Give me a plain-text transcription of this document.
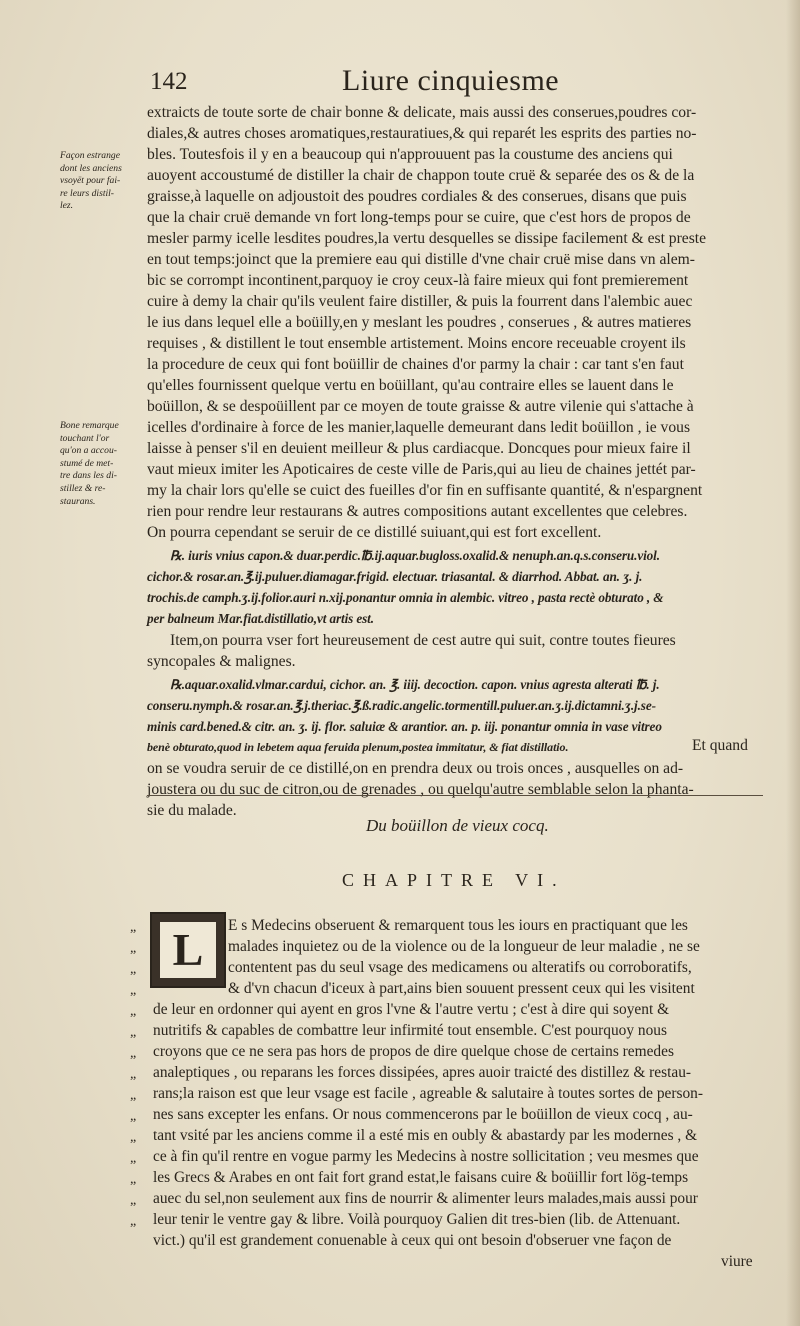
142	Liure cinquiesme
extraicts de toute sorte de chair bonne & delicate, mais aussi des conserues,poudres cor-
diales,& autres choses aromatiques,restauratiues,& qui reparét les esprits des parties no-
bles. Toutesfois il y en a beaucoup qui n'approuuent pas la coustume des anciens qui
auoyent accoustumé de distiller la chair de chappon toute cruë & separée des os & de la
graisse,à laquelle on adjoustoit des poudres cordiales & des conserues, disans que puis
que la chair cruë demande vn fort long-temps pour se cuire, que c'est hors de propos de
mesler parmy icelle lesdites poudres,la vertu desquelles se dissipe facilement & est preste
en tout temps:joinct que la premiere eau qui distille d'vne chair cruë mise dans vn alem-
bic se corrompt incontinent,parquoy ie croy ceux-là faire mieux qui font premierement
cuire à demy la chair qu'ils veulent faire distiller, & puis la fourrent dans l'alembic auec
le ius dans lequel elle a boüilly,en y meslant les poudres , conserues , & autres matieres
requises , & distillent le tout ensemble artistement. Moins encore receuable croyent ils
la procedure de ceux qui font boüillir de chaines d'or parmy la chair : car tant s'en faut
qu'elles fournissent quelque vertu en boüillant, qu'au contraire elles se lauent dans le
boüillon, & se despoüillent par ce moyen de toute graisse & autre vilenie qui s'attache à
icelles d'ordinaire à force de les manier,laquelle demeurant dans ledit boüillon , ie vous
laisse à penser s'il en deuient meilleur & plus cardiacque. Doncques pour mieux faire il
vaut mieux imiter les Apoticaires de ceste ville de Paris,qui au lieu de chaines jettét par-
my la chair lors qu'elle se cuict des fueilles d'or fin en suffisante quantité, & n'espargnent
rien pour rendre leur restaurans & autres compositions autant excellentes que celebres.
On pourra cependant se seruir de ce distillé suiuant,qui est fort excellent.
℞. iuris vnius capon.& duar.perdic.℔.ij.aquar.bugloss.oxalid.& nenuph.an.q.s.conseru.viol.
cichor.& rosar.an.℥.ij.puluer.diamagar.frigid. electuar. triasantal. & diarrhod. Abbat. an. ʒ. j.
trochis.de camph.ʒ.ij.folior.auri n.xij.ponantur omnia in alembic. vitreo , pasta rectè obturato , &
per balneum Mar.fiat.distillatio,vt artis est.
Item,on pourra vser fort heureusement de cest autre qui suit, contre toutes fieures
syncopales & malignes.
℞.aquar.oxalid.vlmar.cardui, cichor. an. ℥. iiij. decoction. capon. vnius agresta alterati ℔. j.
conseru.nymph.& rosar.an.℥.j.theriac.℥.ß.radic.angelic.tormentill.puluer.an.ʒ.ij.dictamni.ʒ.j.se-
minis card.bened.& citr. an. ʒ. ij. flor. saluiæ & arantior. an. p. iij. ponantur omnia in vase vitreo
benè obturato,quod in lebetem aqua feruida plenum,postea immitatur, & fiat distillatio.	Et quand
on se voudra seruir de ce distillé,on en prendra deux ou trois onces , ausquelles on ad-
joustera ou du suc de citron,ou de grenades , ou quelqu'autre semblable selon la phanta-
sie du malade.
Façon estrange
dont les anciens
vsoyët pour fai-
re leurs distil-
lez.
Bone remarque
touchant l'or
qu'on a accou-
stumé de met-
tre dans les di-
stillez & re-
staurans.
Du boüillon de vieux cocq.
CHAPITRE VI.
L
„
„
„
„
„
„
„
„
„
„
„
„
„
„
„
E s Medecins obseruent & remarquent tous les iours en practiquant que les
malades inquietez ou de la violence ou de la longueur de leur maladie , ne se
contentent pas du seul vsage des medicamens ou alteratifs ou corroboratifs,
& d'vn chacun d'iceux à part,ains bien souuent pressent ceux qui les visitent
de leur en ordonner qui ayent en gros l'vne & l'autre vertu ; c'est à dire qui soyent &
nutritifs & capables de combattre leur infirmité tout ensemble. C'est pourquoy nous
croyons que ce ne sera pas hors de propos de dire quelque chose de certains remedes
analeptiques , ou reparans les forces dissipées, apres auoir traicté des distillez & restau-
rans;la raison est que leur vsage est facile , agreable & salutaire à toutes sortes de person-
nes sans excepter les enfans. Or nous commencerons par le boüillon de vieux cocq , au-
tant vsité par les anciens comme il a esté mis en oubly & abastardy par les modernes , &
ce à fin qu'il rentre en vogue parmy les Medecins à nostre sollicitation ; veu mesmes que
les Grecs & Arabes en ont fait fort grand estat,le faisans cuire & boüillir fort lög-temps
auec du sel,non seulement aux fins de nourrir & alimenter leurs malades,mais aussi pour
leur tenir le ventre gay & libre. Voilà pourquoy Galien dit tres-bien (lib. de Attenuant.
vict.) qu'il est grandement conuenable à ceux qui ont besoin d'obseruer vne façon de
viure
